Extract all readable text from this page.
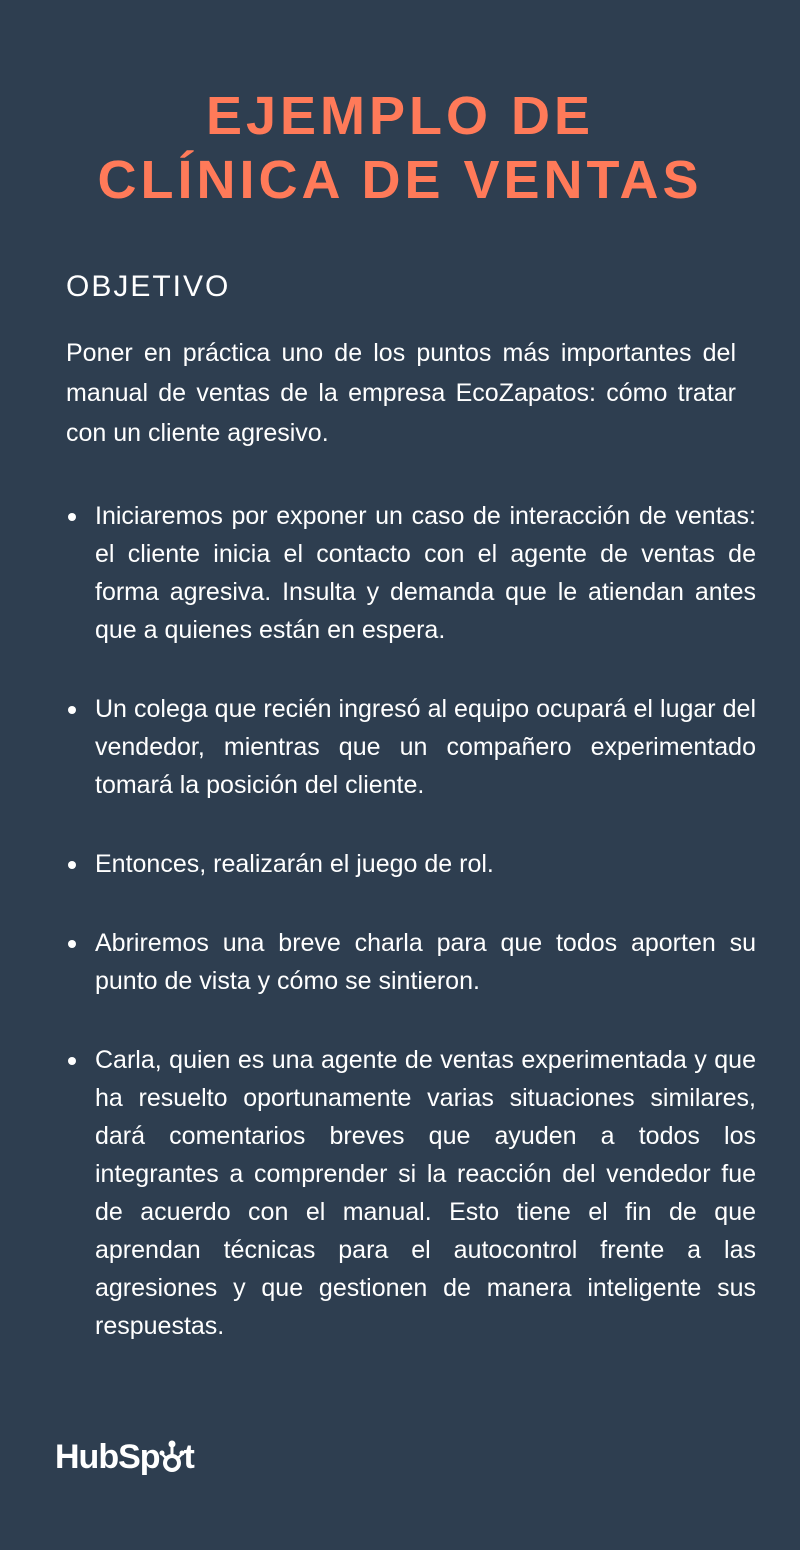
EJEMPLO DE
CLÍNICA DE VENTAS
OBJETIVO

Poner en práctica uno de los puntos más importantes del manual de ventas de la empresa EcoZapatos: cómo tratar con un cliente agresivo.

Iniciaremos por exponer un caso de interacción de ventas: el cliente inicia el contacto con el agente de ventas de forma agresiva. Insulta y demanda que le atiendan antes que a quienes están en espera.
Un colega que recién ingresó al equipo ocupará el lugar del vendedor, mientras que un compañero experimentado tomará la posición del cliente.
Entonces, realizarán el juego de rol.
Abriremos una breve charla para que todos aporten su punto de vista y cómo se sintieron.
Carla, quien es una agente de ventas experimentada y que ha resuelto oportunamente varias situaciones similares, dará comentarios breves que ayuden a todos los integrantes a comprender si la reacción del vendedor fue de acuerdo con el manual. Esto tiene el fin de que aprendan técnicas para el autocontrol frente a las agresiones y que gestionen de manera inteligente sus respuestas.
HubSp t
